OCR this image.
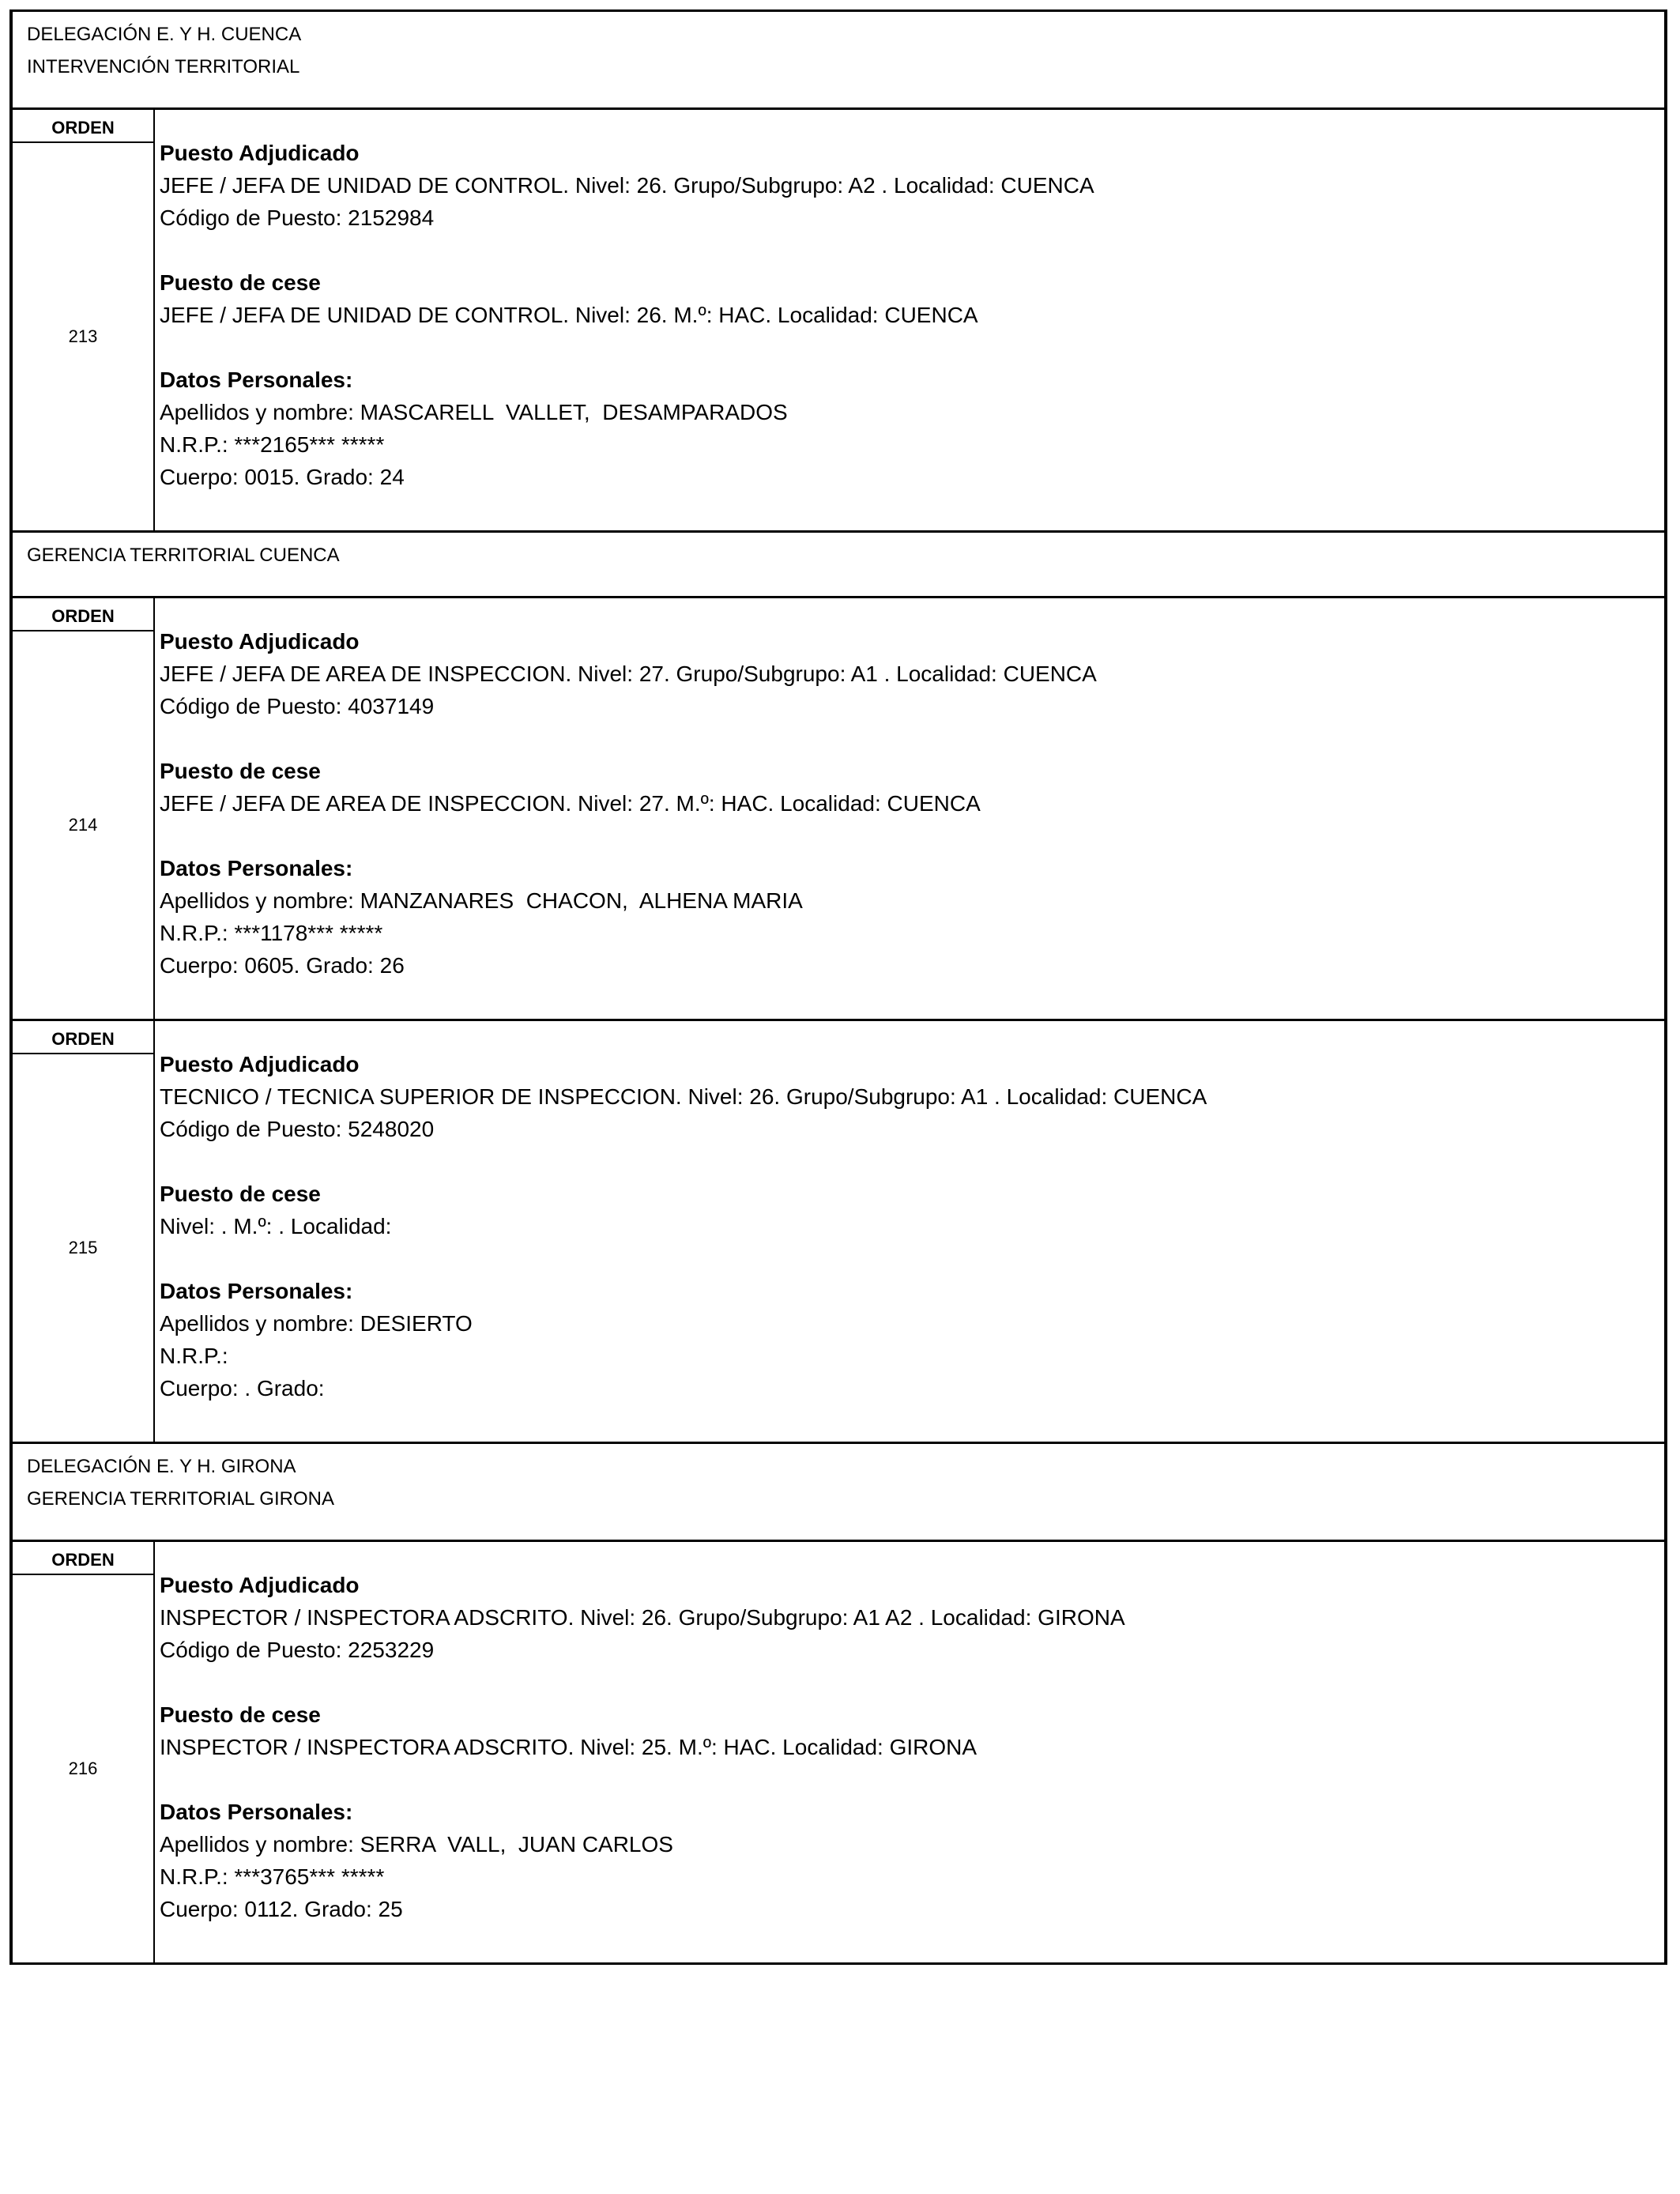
DELEGACIÓN E. Y H. CUENCA
INTERVENCIÓN TERRITORIAL
ORDEN
213
Puesto Adjudicado
JEFE / JEFA DE UNIDAD DE CONTROL. Nivel: 26. Grupo/Subgrupo: A2 . Localidad: CUENCA
Código de Puesto: 2152984
Puesto de cese
JEFE / JEFA DE UNIDAD DE CONTROL. Nivel: 26. M.º: HAC. Localidad: CUENCA
Datos Personales:
Apellidos y nombre: MASCARELL  VALLET,  DESAMPARADOS
N.R.P.: ***2165*** *****
Cuerpo: 0015. Grado: 24
GERENCIA TERRITORIAL CUENCA
ORDEN
214
Puesto Adjudicado
JEFE / JEFA DE AREA DE INSPECCION. Nivel: 27. Grupo/Subgrupo: A1 . Localidad: CUENCA
Código de Puesto: 4037149
Puesto de cese
JEFE / JEFA DE AREA DE INSPECCION. Nivel: 27. M.º: HAC. Localidad: CUENCA
Datos Personales:
Apellidos y nombre: MANZANARES  CHACON,  ALHENA MARIA
N.R.P.: ***1178*** *****
Cuerpo: 0605. Grado: 26
ORDEN
215
Puesto Adjudicado
TECNICO / TECNICA SUPERIOR DE INSPECCION. Nivel: 26. Grupo/Subgrupo: A1 . Localidad: CUENCA
Código de Puesto: 5248020
Puesto de cese
Nivel: . M.º: . Localidad:
Datos Personales:
Apellidos y nombre: DESIERTO
N.R.P.:
Cuerpo: . Grado:
DELEGACIÓN E. Y H. GIRONA
GERENCIA TERRITORIAL GIRONA
ORDEN
216
Puesto Adjudicado
INSPECTOR / INSPECTORA ADSCRITO. Nivel: 26. Grupo/Subgrupo: A1 A2 . Localidad: GIRONA
Código de Puesto: 2253229
Puesto de cese
INSPECTOR / INSPECTORA ADSCRITO. Nivel: 25. M.º: HAC. Localidad: GIRONA
Datos Personales:
Apellidos y nombre: SERRA  VALL,  JUAN CARLOS
N.R.P.: ***3765*** *****
Cuerpo: 0112. Grado: 25
